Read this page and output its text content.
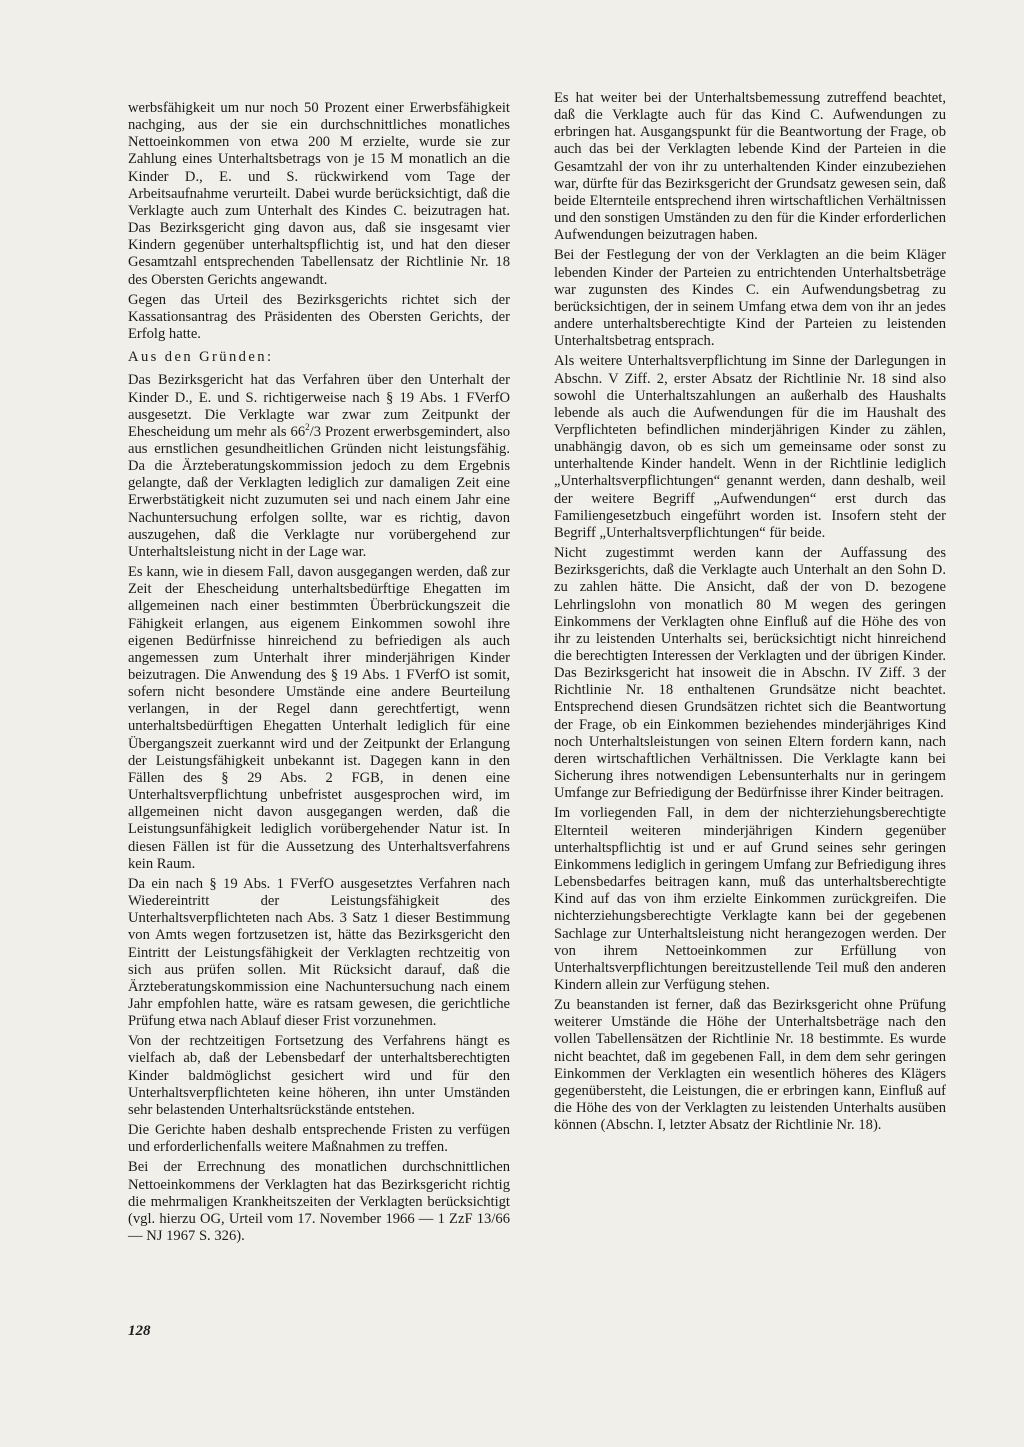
werbsfähigkeit um nur noch 50 Prozent einer Erwerbsfähigkeit nachging, aus der sie ein durchschnittliches monatliches Nettoeinkommen von etwa 200 M erzielte, wurde sie zur Zahlung eines Unterhaltsbetrags von je 15 M monatlich an die Kinder D., E. und S. rückwirkend vom Tage der Arbeitsaufnahme verurteilt. Dabei wurde berücksichtigt, daß die Verklagte auch zum Unterhalt des Kindes C. beizutragen hat. Das Bezirksgericht ging davon aus, daß sie insgesamt vier Kindern gegenüber unterhaltspflichtig ist, und hat den dieser Gesamtzahl entsprechenden Tabellensatz der Richtlinie Nr. 18 des Obersten Gerichts angewandt.

Gegen das Urteil des Bezirksgerichts richtet sich der Kassationsantrag des Präsidenten des Obersten Gerichts, der Erfolg hatte.

Aus den Gründen:

Das Bezirksgericht hat das Verfahren über den Unterhalt der Kinder D., E. und S. richtigerweise nach § 19 Abs. 1 FVerfO ausgesetzt. Die Verklagte war zwar zum Zeitpunkt der Ehescheidung um mehr als $66^2/3$ Prozent erwerbsgemindert, also aus ernstlichen gesundheitlichen Gründen nicht leistungsfähig. Da die Ärzteberatungskommission jedoch zu dem Ergebnis gelangte, daß der Verklagten lediglich zur damaligen Zeit eine Erwerbstätigkeit nicht zuzumuten sei und nach einem Jahr eine Nachuntersuchung erfolgen sollte, war es richtig, davon auszugehen, daß die Verklagte nur vorübergehend zur Unterhaltsleistung nicht in der Lage war.

Es kann, wie in diesem Fall, davon ausgegangen werden, daß zur Zeit der Ehescheidung unterhaltsbedürftige Ehegatten im allgemeinen nach einer bestimmten Überbrückungszeit die Fähigkeit erlangen, aus eigenem Einkommen sowohl ihre eigenen Bedürfnisse hinreichend zu befriedigen als auch angemessen zum Unterhalt ihrer minderjährigen Kinder beizutragen. Die Anwendung des § 19 Abs. 1 FVerfO ist somit, sofern nicht besondere Umstände eine andere Beurteilung verlangen, in der Regel dann gerechtfertigt, wenn unterhaltsbedürftigen Ehegatten Unterhalt lediglich für eine Übergangszeit zuerkannt wird und der Zeitpunkt der Erlangung der Leistungsfähigkeit unbekannt ist. Dagegen kann in den Fällen des § 29 Abs. 2 FGB, in denen eine Unterhaltsverpflichtung unbefristet ausgesprochen wird, im allgemeinen nicht davon ausgegangen werden, daß die Leistungsunfähigkeit lediglich vorübergehender Natur ist. In diesen Fällen ist für die Aussetzung des Unterhaltsverfahrens kein Raum.

Da ein nach § 19 Abs. 1 FVerfO ausgesetztes Verfahren nach Wiedereintritt der Leistungsfähigkeit des Unterhaltsverpflichteten nach Abs. 3 Satz 1 dieser Bestimmung von Amts wegen fortzusetzen ist, hätte das Bezirksgericht den Eintritt der Leistungsfähigkeit der Verklagten rechtzeitig von sich aus prüfen sollen. Mit Rücksicht darauf, daß die Ärzteberatungskommission eine Nachuntersuchung nach einem Jahr empfohlen hatte, wäre es ratsam gewesen, die gerichtliche Prüfung etwa nach Ablauf dieser Frist vorzunehmen.

Von der rechtzeitigen Fortsetzung des Verfahrens hängt es vielfach ab, daß der Lebensbedarf der unterhaltsberechtigten Kinder baldmöglichst gesichert wird und für den Unterhaltsverpflichteten keine höheren, ihn unter Umständen sehr belastenden Unterhaltsrückstände entstehen.

Die Gerichte haben deshalb entsprechende Fristen zu verfügen und erforderlichenfalls weitere Maßnahmen zu treffen.

Bei der Errechnung des monatlichen durchschnittlichen Nettoeinkommens der Verklagten hat das Bezirksgericht richtig die mehrmaligen Krankheitszeiten der Verklagten berücksichtigt (vgl. hierzu OG, Urteil vom 17. November 1966 — 1 ZzF 13/66 — NJ 1967 S. 326).

Es hat weiter bei der Unterhaltsbemessung zutreffend beachtet, daß die Verklagte auch für das Kind C. Aufwendungen zu erbringen hat. Ausgangspunkt für die Beantwortung der Frage, ob auch das bei der Verklagten lebende Kind der Parteien in die Gesamtzahl der von ihr zu unterhaltenden Kinder einzubeziehen war, dürfte für das Bezirksgericht der Grundsatz gewesen sein, daß beide Elternteile entsprechend ihren wirtschaftlichen Verhältnissen und den sonstigen Umständen zu den für die Kinder erforderlichen Aufwendungen beizutragen haben.

Bei der Festlegung der von der Verklagten an die beim Kläger lebenden Kinder der Parteien zu entrichtenden Unterhaltsbeträge war zugunsten des Kindes C. ein Aufwendungsbetrag zu berücksichtigen, der in seinem Umfang etwa dem von ihr an jedes andere unterhaltsberechtigte Kind der Parteien zu leistenden Unterhaltsbetrag entsprach.

Als weitere Unterhaltsverpflichtung im Sinne der Darlegungen in Abschn. V Ziff. 2, erster Absatz der Richtlinie Nr. 18 sind also sowohl die Unterhaltszahlungen an außerhalb des Haushalts lebende als auch die Aufwendungen für die im Haushalt des Verpflichteten befindlichen minderjährigen Kinder zu zählen, unabhängig davon, ob es sich um gemeinsame oder sonst zu unterhaltende Kinder handelt. Wenn in der Richtlinie lediglich „Unterhaltsverpflichtungen“ genannt werden, dann deshalb, weil der weitere Begriff „Aufwendungen“ erst durch das Familiengesetzbuch eingeführt worden ist. Insofern steht der Begriff „Unterhaltsverpflichtungen“ für beide.

Nicht zugestimmt werden kann der Auffassung des Bezirksgerichts, daß die Verklagte auch Unterhalt an den Sohn D. zu zahlen hätte. Die Ansicht, daß der von D. bezogene Lehrlingslohn von monatlich 80 M wegen des geringen Einkommens der Verklagten ohne Einfluß auf die Höhe des von ihr zu leistenden Unterhalts sei, berücksichtigt nicht hinreichend die berechtigten Interessen der Verklagten und der übrigen Kinder. Das Bezirksgericht hat insoweit die in Abschn. IV Ziff. 3 der Richtlinie Nr. 18 enthaltenen Grundsätze nicht beachtet. Entsprechend diesen Grundsätzen richtet sich die Beantwortung der Frage, ob ein Einkommen beziehendes minderjähriges Kind noch Unterhaltsleistungen von seinen Eltern fordern kann, nach deren wirtschaftlichen Verhältnissen. Die Verklagte kann bei Sicherung ihres notwendigen Lebensunterhalts nur in geringem Umfange zur Befriedigung der Bedürfnisse ihrer Kinder beitragen.

Im vorliegenden Fall, in dem der nichterziehungsberechtigte Elternteil weiteren minderjährigen Kindern gegenüber unterhaltspflichtig ist und er auf Grund seines sehr geringen Einkommens lediglich in geringem Umfang zur Befriedigung ihres Lebensbedarfes beitragen kann, muß das unterhaltsberechtigte Kind auf das von ihm erzielte Einkommen zurückgreifen. Die nichterziehungsberechtigte Verklagte kann bei der gegebenen Sachlage zur Unterhaltsleistung nicht herangezogen werden. Der von ihrem Nettoeinkommen zur Erfüllung von Unterhaltsverpflichtungen bereitzustellende Teil muß den anderen Kindern allein zur Verfügung stehen.

Zu beanstanden ist ferner, daß das Bezirksgericht ohne Prüfung weiterer Umstände die Höhe der Unterhaltsbeträge nach den vollen Tabellensätzen der Richtlinie Nr. 18 bestimmte. Es wurde nicht beachtet, daß im gegebenen Fall, in dem dem sehr geringen Einkommen der Verklagten ein wesentlich höheres des Klägers gegenübersteht, die Leistungen, die er erbringen kann, Einfluß auf die Höhe des von der Verklagten zu leistenden Unterhalts ausüben können (Abschn. I, letzter Absatz der Richtlinie Nr. 18).

128
